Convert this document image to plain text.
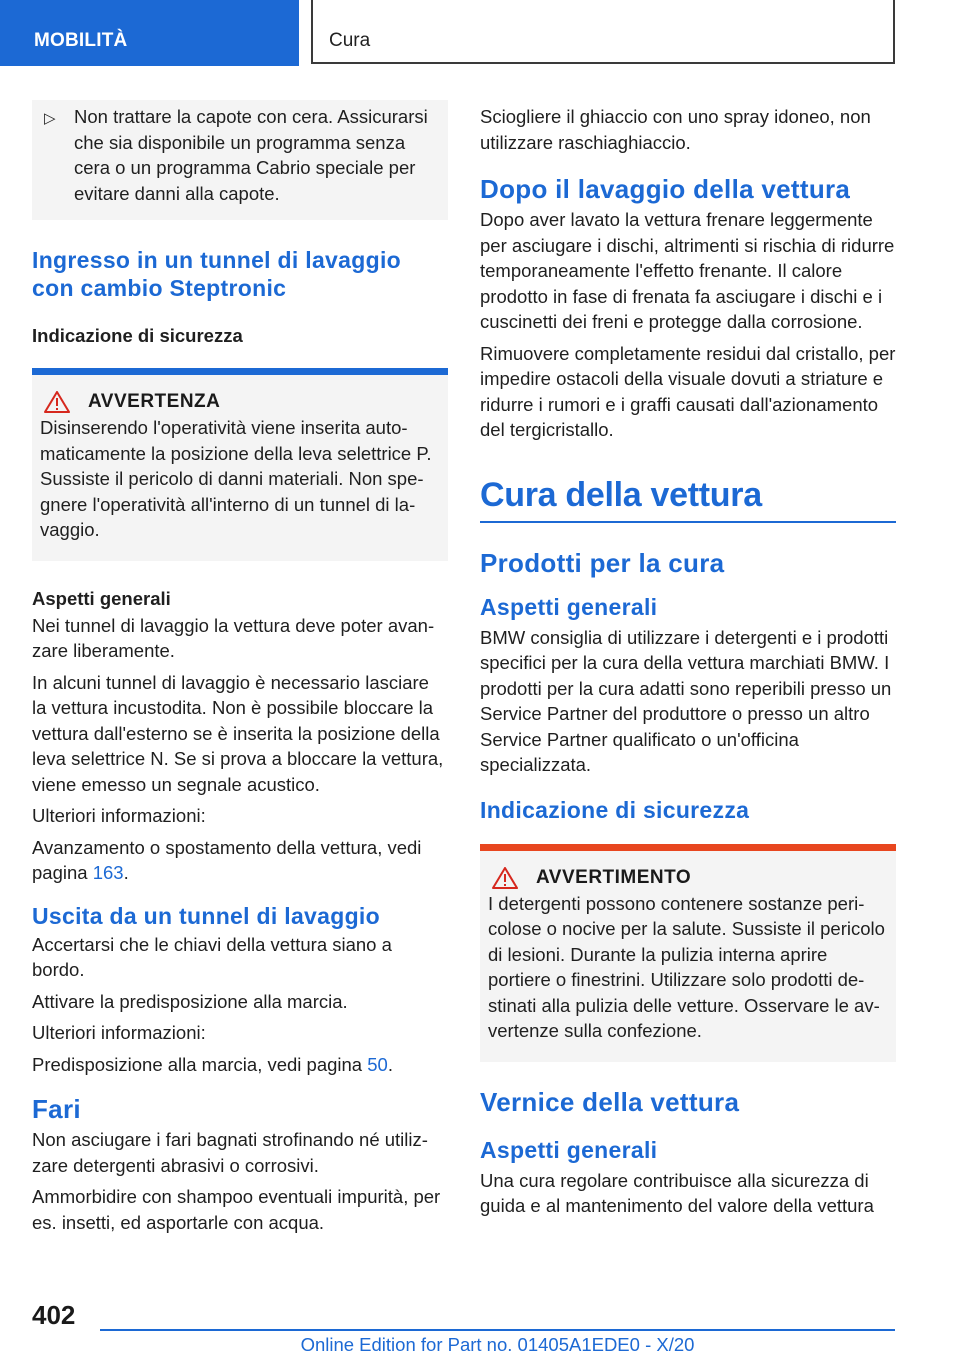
MOBILITÀ	Cura
▷ Non trattare la capote con cera. Assicurarsi che sia disponibile un programma senza cera o un programma Cabrio speciale per evitare danni alla capote.
Ingresso in un tunnel di lavaggio con cambio Steptronic
Indicazione di sicurezza
AVVERTENZA
Disinserendo l'operatività viene inserita automaticamente la posizione della leva selettrice P. Sussiste il pericolo di danni materiali. Non spegnere l'operatività all'interno di un tunnel di lavaggio.
Aspetti generali

Nei tunnel di lavaggio la vettura deve poter avanzare liberamente.

In alcuni tunnel di lavaggio è necessario lasciare la vettura incustodita. Non è possibile bloccare la vettura dall'esterno se è inserita la posizione della leva selettrice N. Se si prova a bloccare la vettura, viene emesso un segnale acustico.

Ulteriori informazioni:

Avanzamento o spostamento della vettura, vedi pagina 163.

Uscita da un tunnel di lavaggio

Accertarsi che le chiavi della vettura siano a bordo.

Attivare la predisposizione alla marcia.

Ulteriori informazioni:

Predisposizione alla marcia, vedi pagina 50.

Fari

Non asciugare i fari bagnati strofinando né utilizzare detergenti abrasivi o corrosivi.

Ammorbidire con shampoo eventuali impurità, per es. insetti, ed asportarle con acqua.

Sciogliere il ghiaccio con uno spray idoneo, non utilizzare raschiaghiaccio.

Dopo il lavaggio della vettura

Dopo aver lavato la vettura frenare leggermente per asciugare i dischi, altrimenti si rischia di ridurre temporaneamente l'effetto frenante. Il calore prodotto in fase di frenata fa asciugare i dischi e i cuscinetti dei freni e protegge dalla corrosione.

Rimuovere completamente residui dal cristallo, per impedire ostacoli della visuale dovuti a striature e ridurre i rumori e i graffi causati dall'azionamento del tergicristallo.

Cura della vettura
Prodotti per la cura
Aspetti generali

BMW consiglia di utilizzare i detergenti e i prodotti specifici per la cura della vettura marchiati BMW. I prodotti per la cura adatti sono reperibili presso un Service Partner del produttore o presso un altro Service Partner qualificato o un'officina specializzata.

Indicazione di sicurezza
AVVERTIMENTO
I detergenti possono contenere sostanze pericolose o nocive per la salute. Sussiste il pericolo di lesioni. Durante la pulizia interna aprire portiere o finestrini. Utilizzare solo prodotti destinati alla pulizia delle vetture. Osservare le avvertenze sulla confezione.
Vernice della vettura
Aspetti generali

Una cura regolare contribuisce alla sicurezza di guida e al mantenimento del valore della vettura

402
Online Edition for Part no. 01405A1EDE0 - X/20
